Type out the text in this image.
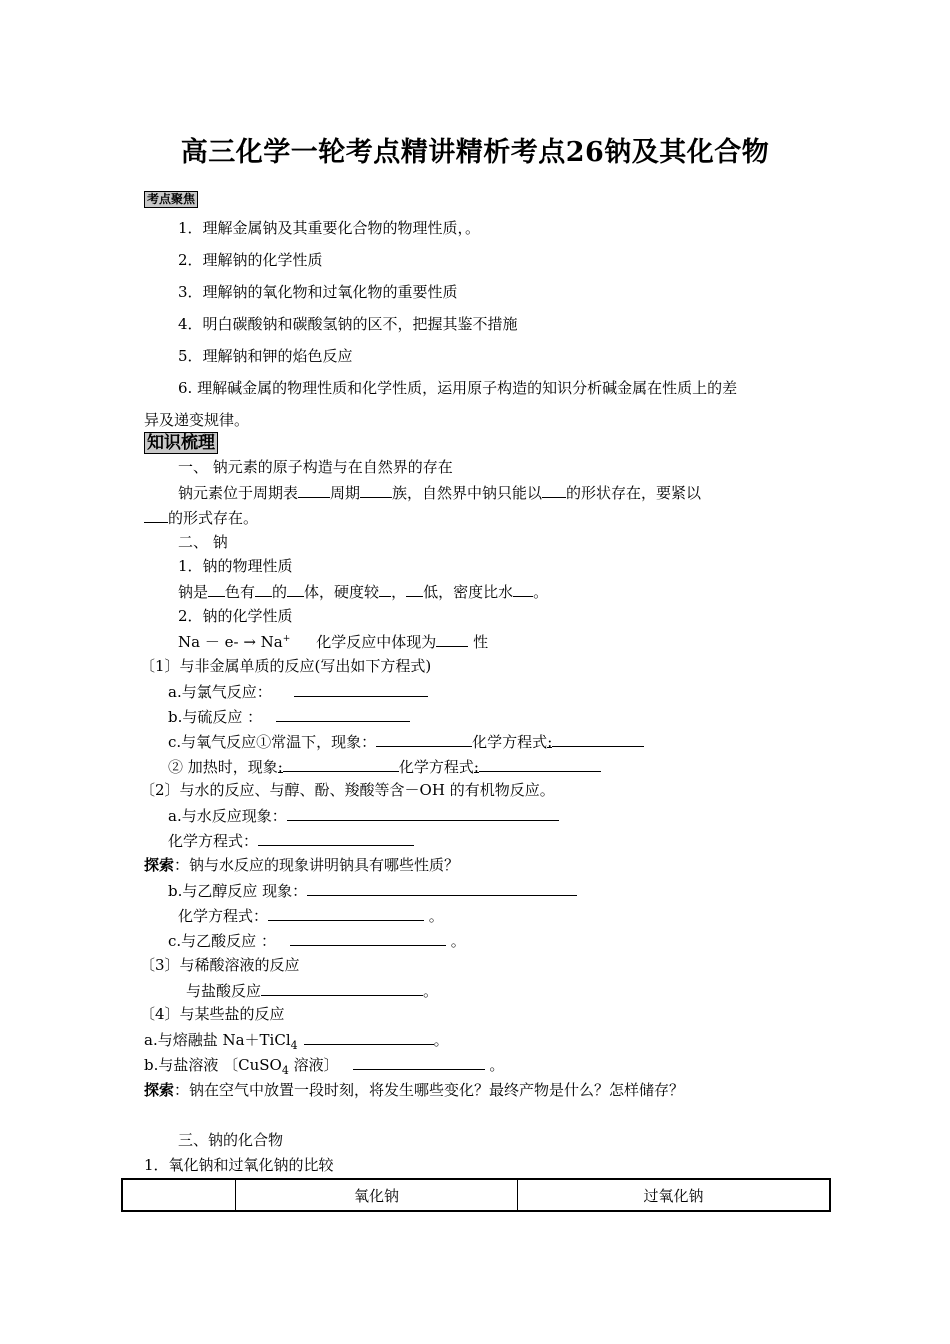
高三化学一轮考点精讲精析考点26钠及其化合物
考点聚焦
1．理解金属钠及其重要化合物的物理性质，。
2．理解钠的化学性质
3．理解钠的氧化物和过氧化物的重要性质
4．明白碳酸钠和碳酸氢钠的区不，把握其鉴不措施
5．理解钠和钾的焰色反应
6. 理解碱金属的物理性质和化学性质，运用原子构造的知识分析碱金属在性质上的差
异及递变规律。
知识梳理
一、 钠元素的原子构造与在自然界的存在
钠元素位于周期表 周期 族，自然界中钠只能以 的形状存在，要紧以
的形式存在。
二、 钠
1．钠的物理性质
钠是 色有 的 体，硬度较 ， 低，密度比水 。
2．钠的化学性质
Na － e- → Na+ 化学反应中体现为 性
〔1〕与非金属单质的反应(写出如下方程式)
a.与氯气反应：
b.与硫反应 ：
c.与氧气反应①常温下，现象：	化学方程式:
② 加热时，现象:	化学方程式:
〔2〕与水的反应、与醇、酚、羧酸等含－OH 的有机物反应。
a.与水反应现象：
化学方程式：
探索：钠与水反应的现象讲明钠具有哪些性质？
b.与乙醇反应 现象：
化学方程式：	。
c.与乙酸反应 ：	。
〔3〕与稀酸溶液的反应
与盐酸反应	。
〔4〕与某些盐的反应
a.与熔融盐 Na＋TiCl$_4$	。
b.与盐溶液 〔CuSO$_4$ 溶液〕	。
探索：钠在空气中放置一段时刻，将发生哪些变化？最终产物是什么？怎样储存？
三、钠的化合物
1．氧化钠和过氧化钠的比较
	氧化钠	过氧化钠
